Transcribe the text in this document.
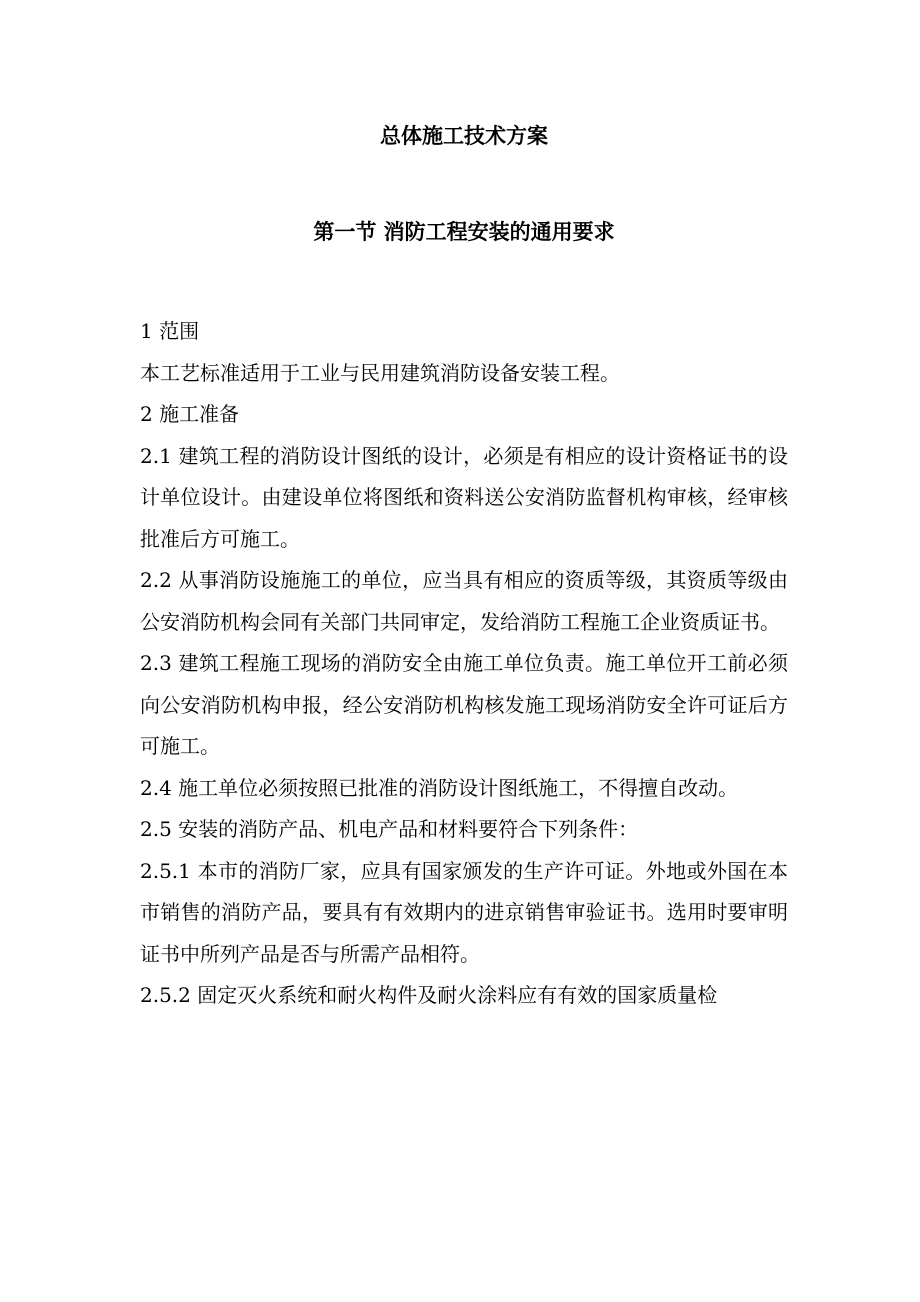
总体施工技术方案
第一节 消防工程安装的通用要求

1 范围

本工艺标准适用于工业与民用建筑消防设备安装工程。

2 施工准备

2.1 建筑工程的消防设计图纸的设计，必须是有相应的设计资格证书的设计单位设计。由建设单位将图纸和资料送公安消防监督机构审核，经审核批准后方可施工。

2.2 从事消防设施施工的单位，应当具有相应的资质等级，其资质等级由公安消防机构会同有关部门共同审定，发给消防工程施工企业资质证书。

2.3 建筑工程施工现场的消防安全由施工单位负责。施工单位开工前必须向公安消防机构申报，经公安消防机构核发施工现场消防安全许可证后方可施工。

2.4 施工单位必须按照已批准的消防设计图纸施工，不得擅自改动。

2.5 安装的消防产品、机电产品和材料要符合下列条件：

2.5.1 本市的消防厂家，应具有国家颁发的生产许可证。外地或外国在本市销售的消防产品，要具有有效期内的进京销售审验证书。选用时要审明证书中所列产品是否与所需产品相符。

2.5.2 固定灭火系统和耐火构件及耐火涂料应有有效的国家质量检
